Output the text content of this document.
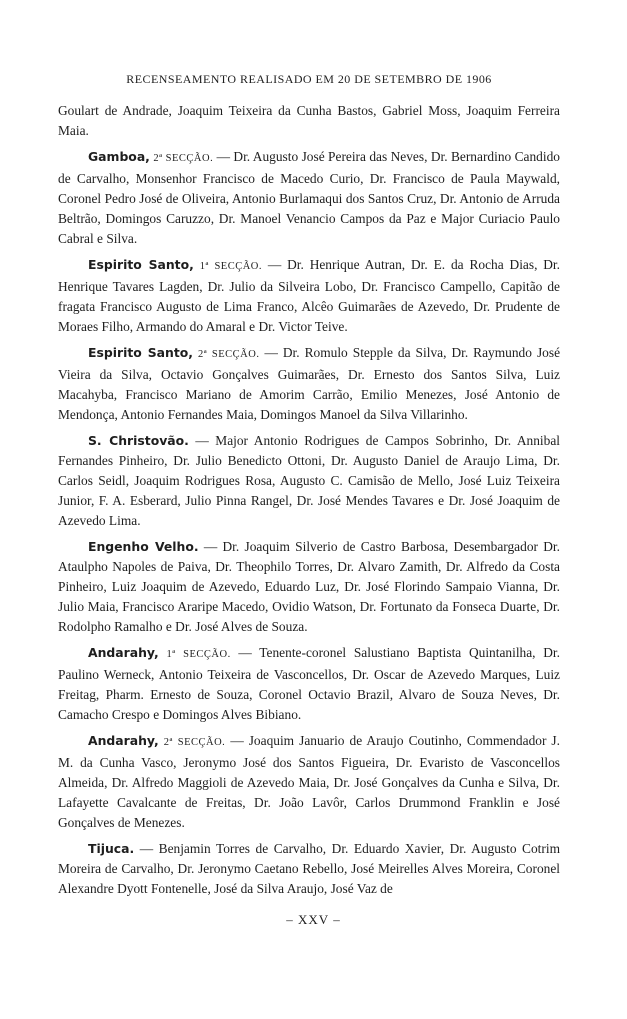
RECENSEAMENTO REALISADO EM 20 DE SETEMBRO DE 1906

Goulart de Andrade, Joaquim Teixeira da Cunha Bastos, Gabriel Moss, Joaquim Ferreira Maia.

Gamboa, 2ª SECÇÃO. — Dr. Augusto José Pereira das Neves, Dr. Bernardino Candido de Carvalho, Monsenhor Francisco de Macedo Curio, Dr. Francisco de Paula Maywald, Coronel Pedro José de Oliveira, Antonio Burlamaqui dos Santos Cruz, Dr. Antonio de Arruda Beltrão, Domingos Caruzzo, Dr. Manoel Venancio Campos da Paz e Major Curiacio Paulo Cabral e Silva.

Espirito Santo, 1ª SECÇÃO. — Dr. Henrique Autran, Dr. E. da Rocha Dias, Dr. Henrique Tavares Lagden, Dr. Julio da Silveira Lobo, Dr. Francisco Campello, Capitão de fragata Francisco Augusto de Lima Franco, Alcêo Guimarães de Azevedo, Dr. Prudente de Moraes Filho, Armando do Amaral e Dr. Victor Teive.

Espirito Santo, 2ª SECÇÃO. — Dr. Romulo Stepple da Silva, Dr. Raymundo José Vieira da Silva, Octavio Gonçalves Guimarães, Dr. Ernesto dos Santos Silva, Luiz Macahyba, Francisco Mariano de Amorim Carrão, Emilio Menezes, José Antonio de Mendonça, Antonio Fernandes Maia, Domingos Manoel da Silva Villarinho.

S. Christovão. — Major Antonio Rodrigues de Campos Sobrinho, Dr. Annibal Fernandes Pinheiro, Dr. Julio Benedicto Ottoni, Dr. Augusto Daniel de Araujo Lima, Dr. Carlos Seidl, Joaquim Rodrigues Rosa, Augusto C. Camisão de Mello, José Luiz Teixeira Junior, F. A. Esberard, Julio Pinna Rangel, Dr. José Mendes Tavares e Dr. José Joaquim de Azevedo Lima.

Engenho Velho. — Dr. Joaquim Silverio de Castro Barbosa, Desembargador Dr. Ataulpho Napoles de Paiva, Dr. Theophilo Torres, Dr. Alvaro Zamith, Dr. Alfredo da Costa Pinheiro, Luiz Joaquim de Azevedo, Eduardo Luz, Dr. José Florindo Sampaio Vianna, Dr. Julio Maia, Francisco Araripe Macedo, Ovidio Watson, Dr. Fortunato da Fonseca Duarte, Dr. Rodolpho Ramalho e Dr. José Alves de Souza.

Andarahy, 1ª SECÇÃO. — Tenente-coronel Salustiano Baptista Quintanilha, Dr. Paulino Werneck, Antonio Teixeira de Vasconcellos, Dr. Oscar de Azevedo Marques, Luiz Freitag, Pharm. Ernesto de Souza, Coronel Octavio Brazil, Alvaro de Souza Neves, Dr. Camacho Crespo e Domingos Alves Bibiano.

Andarahy, 2ª SECÇÃO. — Joaquim Januario de Araujo Coutinho, Commendador J. M. da Cunha Vasco, Jeronymo José dos Santos Figueira, Dr. Evaristo de Vasconcellos Almeida, Dr. Alfredo Maggioli de Azevedo Maia, Dr. José Gonçalves da Cunha e Silva, Dr. Lafayette Cavalcante de Freitas, Dr. João Lavôr, Carlos Drummond Franklin e José Gonçalves de Menezes.

Tijuca. — Benjamin Torres de Carvalho, Dr. Eduardo Xavier, Dr. Augusto Cotrim Moreira de Carvalho, Dr. Jeronymo Caetano Rebello, José Meirelles Alves Moreira, Coronel Alexandre Dyott Fontenelle, José da Silva Araujo, José Vaz de

– XXV –
